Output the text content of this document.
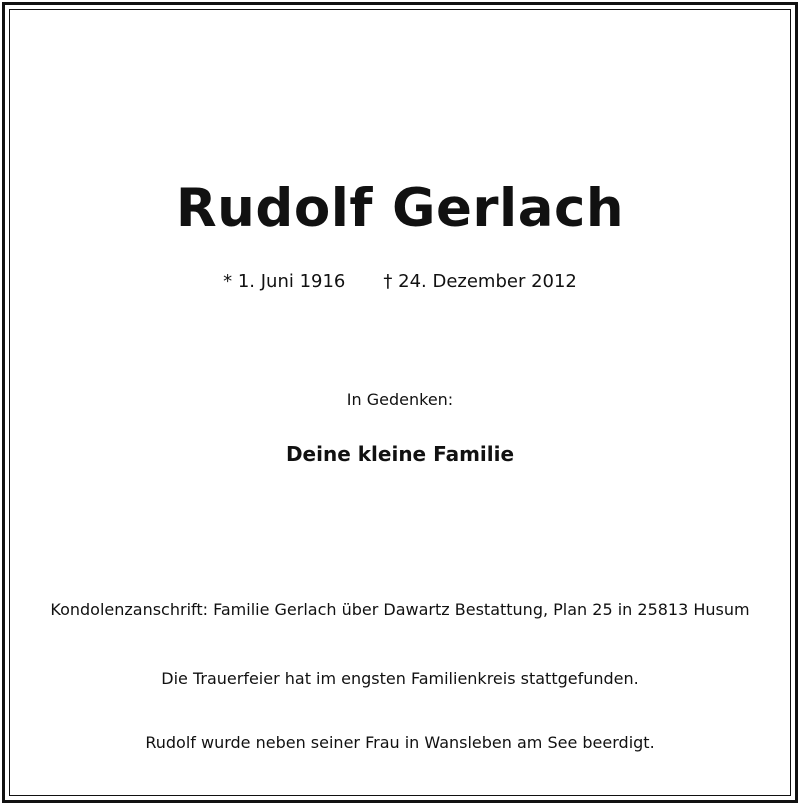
Rudolf Gerlach
* 1. Juni 1916 † 24. Dezember 2012
In Gedenken:
Deine kleine Familie
Kondolenzanschrift: Familie Gerlach über Dawartz Bestattung, Plan 25 in 25813 Husum
Die Trauerfeier hat im engsten Familienkreis stattgefunden.
Rudolf wurde neben seiner Frau in Wansleben am See beerdigt.
